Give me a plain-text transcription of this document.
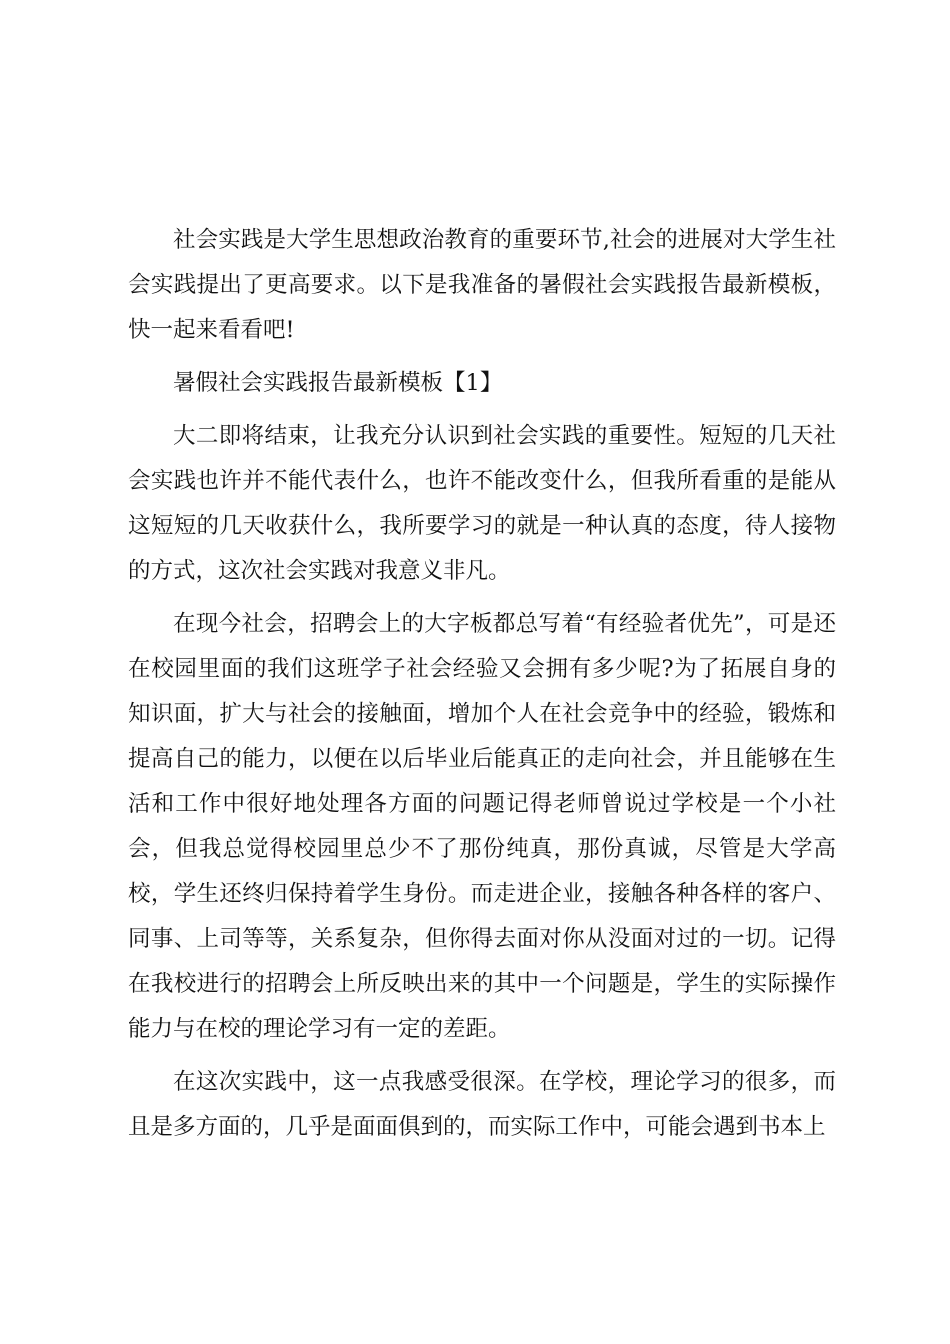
社会实践是大学生思想政治教育的重要环节,社会的进展对大学生社会实践提出了更高要求。以下是我准备的暑假社会实践报告最新模板，快一起来看看吧!

暑假社会实践报告最新模板【1】

大二即将结束，让我充分认识到社会实践的重要性。短短的几天社会实践也许并不能代表什么，也许不能改变什么，但我所看重的是能从这短短的几天收获什么，我所要学习的就是一种认真的态度，待人接物的方式，这次社会实践对我意义非凡。

在现今社会，招聘会上的大字板都总写着“有经验者优先”，可是还在校园里面的我们这班学子社会经验又会拥有多少呢?为了拓展自身的知识面，扩大与社会的接触面，增加个人在社会竞争中的经验，锻炼和提高自己的能力，以便在以后毕业后能真正的走向社会，并且能够在生活和工作中很好地处理各方面的问题记得老师曾说过学校是一个小社会，但我总觉得校园里总少不了那份纯真，那份真诚，尽管是大学高校，学生还终归保持着学生身份。而走进企业，接触各种各样的客户、同事、上司等等，关系复杂，但你得去面对你从没面对过的一切。记得在我校进行的招聘会上所反映出来的其中一个问题是，学生的实际操作能力与在校的理论学习有一定的差距。

在这次实践中，这一点我感受很深。在学校，理论学习的很多，而且是多方面的，几乎是面面俱到的，而实际工作中，可能会遇到书本上
